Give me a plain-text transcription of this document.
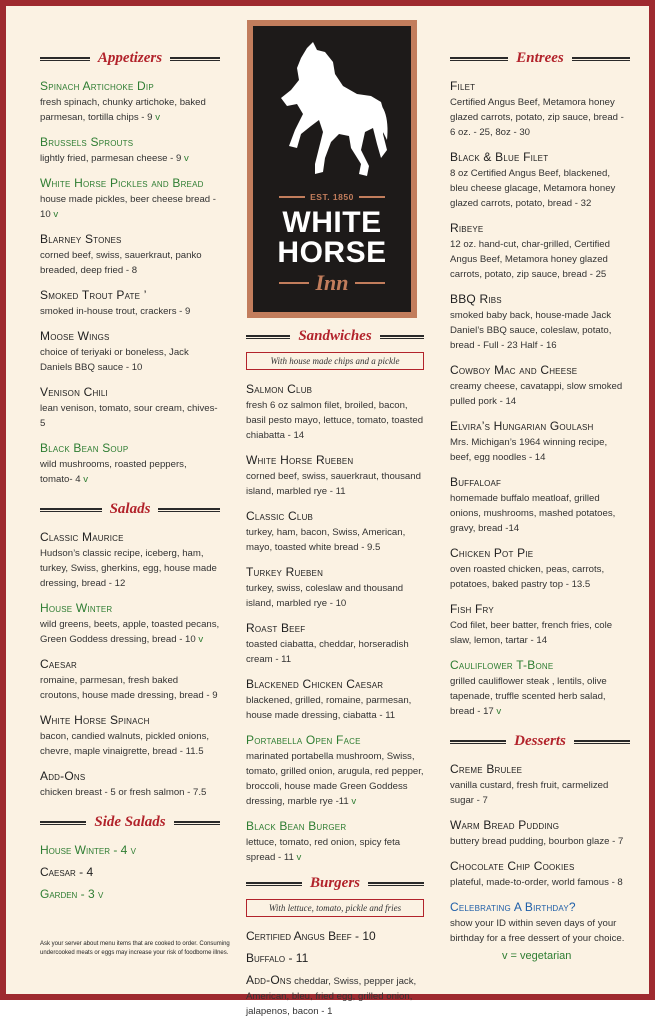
Appetizers
Spinach Artichoke Dip
fresh spinach, chunky artichoke, baked parmesan, tortilla chips - 9 v
Brussels Sprouts
lightly fried, parmesan cheese - 9 v
White Horse Pickles and Bread
house made pickles, beer cheese bread - 10 v
Blarney Stones
corned beef, swiss, sauerkraut, panko breaded, deep fried - 8
Smoked Trout Pate ’
smoked in-house trout, crackers - 9
Moose Wings
choice of teriyaki or boneless, Jack Daniels BBQ sauce - 10
Venison Chili
lean venison, tomato, sour cream, chives- 5
Black Bean Soup
wild mushrooms, roasted peppers, tomato- 4 v
Salads
Classic Maurice
Hudson’s classic recipe, iceberg, ham, turkey, Swiss, gherkins, egg, house made dressing, bread - 12
House Winter
wild greens, beets, apple, toasted pecans, Green Goddess dressing, bread - 10 v
Caesar
romaine, parmesan, fresh baked croutons, house made dressing, bread - 9
White Horse Spinach
bacon, candied walnuts, pickled onions, chevre, maple vinaigrette, bread - 11.5
Add-Ons
chicken breast - 5 or fresh salmon - 7.5
Side Salads
House Winter - 4 v
Caesar - 4
Garden - 3 v
Ask your server about menu items that are cooked to order. Consuming undercooked meats or eggs may increase your risk of foodborne illnes.
EST. 1850
WHITE
HORSE
Inn
Sandwiches
With house made chips and a pickle
Salmon Club
fresh 6 oz salmon filet, broiled, bacon, basil pesto mayo, lettuce, tomato, toasted chiabatta - 14
White Horse Rueben
corned beef, swiss, sauerkraut, thousand island, marbled rye - 11
Classic Club
turkey, ham, bacon, Swiss, American, mayo, toasted white bread - 9.5
Turkey Rueben
turkey, swiss, coleslaw and thousand island, marbled rye - 10
Roast Beef
toasted ciabatta, cheddar, horseradish cream - 11
Blackened Chicken Caesar
blackened, grilled, romaine, parmesan, house made dressing, ciabatta - 11
Portabella Open Face
marinated portabella mushroom, Swiss, tomato, grilled onion, arugula, red pepper, broccoli, house made Green Goddess dressing, marble rye -11 v
Black Bean Burger
lettuce, tomato, red onion, spicy feta spread - 11 v
Burgers
With lettuce, tomato, pickle and fries
Certified Angus Beef - 10
Buffalo - 11
Add-Ons cheddar, Swiss, pepper jack, American, bleu, fried egg, grilled onion, jalapenos, bacon - 1
Entrees
Filet
Certified Angus Beef, Metamora honey glazed carrots, potato, zip sauce, bread - 6 oz. - 25, 8oz - 30
Black & Blue Filet
8 oz Certified Angus Beef, blackened, bleu cheese glacage, Metamora honey glazed carrots, potato, bread - 32
Ribeye
12 oz. hand-cut, char-grilled, Certified Angus Beef, Metamora honey glazed carrots, potato, zip sauce, bread - 25
BBQ Ribs
smoked baby back, house-made Jack Daniel’s BBQ sauce, coleslaw, potato, bread - Full - 23 Half - 16
Cowboy Mac and Cheese
creamy cheese, cavatappi, slow smoked pulled pork - 14
Elvira’s Hungarian Goulash
Mrs. Michigan’s 1964 winning recipe, beef, egg noodles - 14
Buffaloaf
homemade buffalo meatloaf, grilled onions, mushrooms, mashed potatoes, gravy, bread -14
Chicken Pot Pie
oven roasted chicken, peas, carrots, potatoes, baked pastry top - 13.5
Fish Fry
Cod filet, beer batter, french fries, cole slaw, lemon, tartar - 14
Cauliflower T-Bone
grilled cauliflower steak , lentils, olive tapenade, truffle scented herb salad, bread - 17 v
Desserts
Creme Brulee
vanilla custard, fresh fruit, carmelized sugar - 7
Warm Bread Pudding
buttery bread pudding, bourbon glaze - 7
Chocolate Chip Cookies
plateful, made-to-order, world famous - 8
Celebrating A Birthday?
show your ID within seven days of your birthday for a free dessert of your choice.
v = vegetarian
